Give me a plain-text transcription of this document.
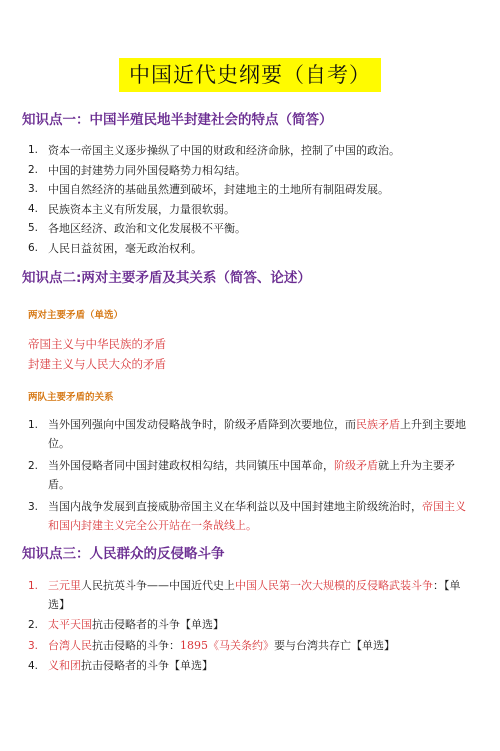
中国近代史纲要（自考）
知识点一：中国半殖民地半封建社会的特点（简答）
1. 资本一帝国主义逐步操纵了中国的财政和经济命脉，控制了中国的政治。
2. 中国的封建势力同外国侵略势力相勾结。
3. 中国自然经济的基础虽然遭到破坏，封建地主的土地所有制阻碍发展。
4. 民族资本主义有所发展，力量很软弱。
5. 各地区经济、政治和文化发展极不平衡。
6. 人民日益贫困，毫无政治权利。
知识点二:两对主要矛盾及其关系（简答、论述）
两对主要矛盾（单选）
帝国主义与中华民族的矛盾
封建主义与人民大众的矛盾
两队主要矛盾的关系
1. 当外国列强向中国发动侵略战争时，阶级矛盾降到次要地位，而民族矛盾上升到主要地位。
2. 当外国侵略者同中国封建政权相勾结，共同镇压中国革命，阶级矛盾就上升为主要矛盾。
3. 当国内战争发展到直接威胁帝国主义在华利益以及中国封建地主阶级统治时，帝国主义和国内封建主义完全公开站在一条战线上。
知识点三：人民群众的反侵略斗争
1. 三元里人民抗英斗争——中国近代史上中国人民第一次大规模的反侵略武装斗争：【单选】
2. 太平天国抗击侵略者的斗争【单选】
3. 台湾人民抗击侵略的斗争：1895《马关条约》要与台湾共存亡【单选】
4. 义和团抗击侵略者的斗争【单选】
